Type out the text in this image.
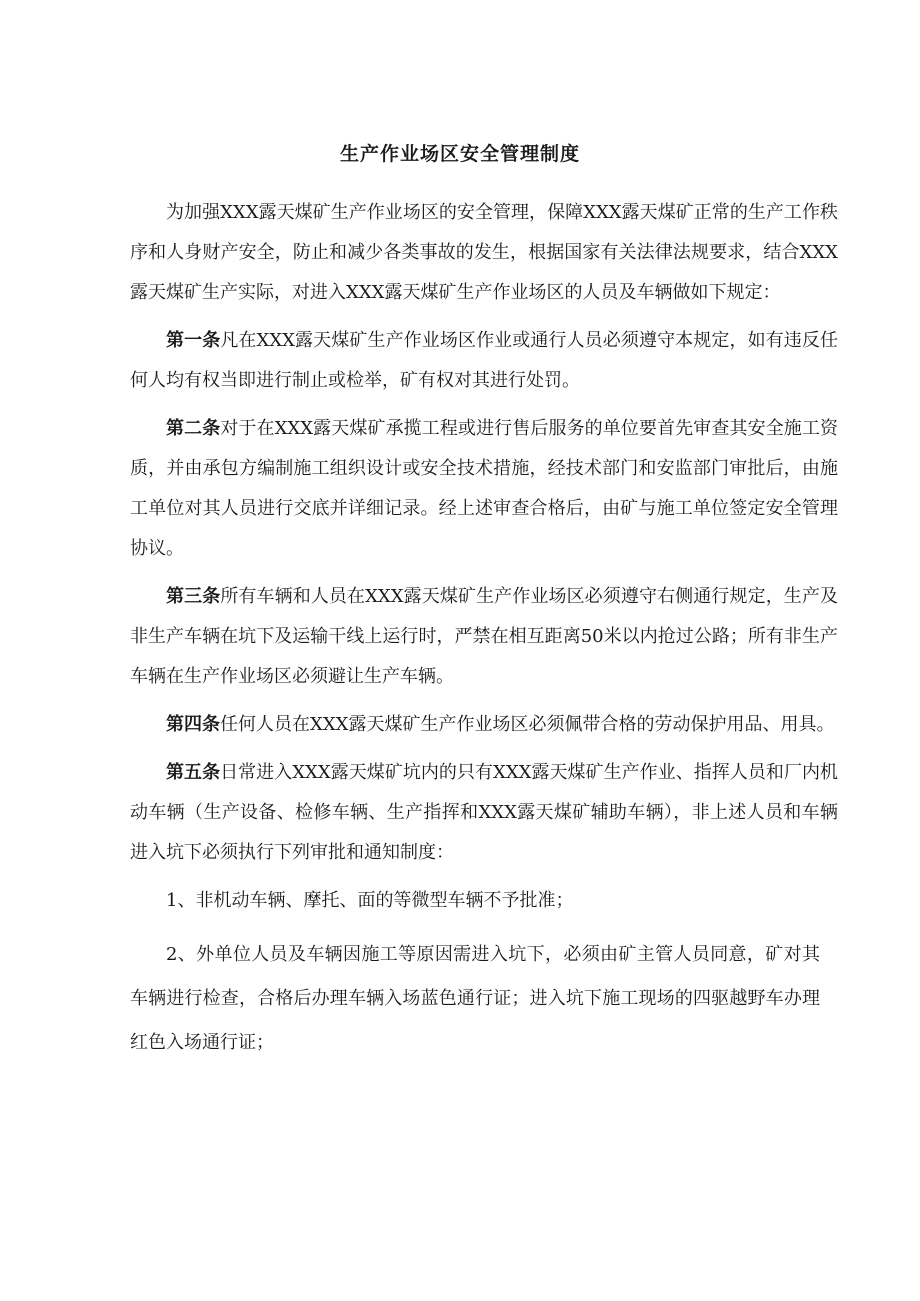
生产作业场区安全管理制度

为加强XXX露天煤矿生产作业场区的安全管理，保障XXX露天煤矿正常的生产工作秩序和人身财产安全，防止和减少各类事故的发生，根据国家有关法律法规要求，结合XXX露天煤矿生产实际，对进入XXX露天煤矿生产作业场区的人员及车辆做如下规定：

第一条凡在XXX露天煤矿生产作业场区作业或通行人员必须遵守本规定，如有违反任何人均有权当即进行制止或检举，矿有权对其进行处罚。

第二条对于在XXX露天煤矿承揽工程或进行售后服务的单位要首先审查其安全施工资质，并由承包方编制施工组织设计或安全技术措施，经技术部门和安监部门审批后，由施工单位对其人员进行交底并详细记录。经上述审查合格后，由矿与施工单位签定安全管理协议。

第三条所有车辆和人员在XXX露天煤矿生产作业场区必须遵守右侧通行规定，生产及非生产车辆在坑下及运输干线上运行时，严禁在相互距离50米以内抢过公路；所有非生产车辆在生产作业场区必须避让生产车辆。

第四条任何人员在XXX露天煤矿生产作业场区必须佩带合格的劳动保护用品、用具。

第五条日常进入XXX露天煤矿坑内的只有XXX露天煤矿生产作业、指挥人员和厂内机动车辆（生产设备、检修车辆、生产指挥和XXX露天煤矿辅助车辆），非上述人员和车辆进入坑下必须执行下列审批和通知制度：

1、非机动车辆、摩托、面的等微型车辆不予批准；

2、外单位人员及车辆因施工等原因需进入坑下，必须由矿主管人员同意，矿对其车辆进行检查，合格后办理车辆入场蓝色通行证；进入坑下施工现场的四驱越野车办理红色入场通行证；
